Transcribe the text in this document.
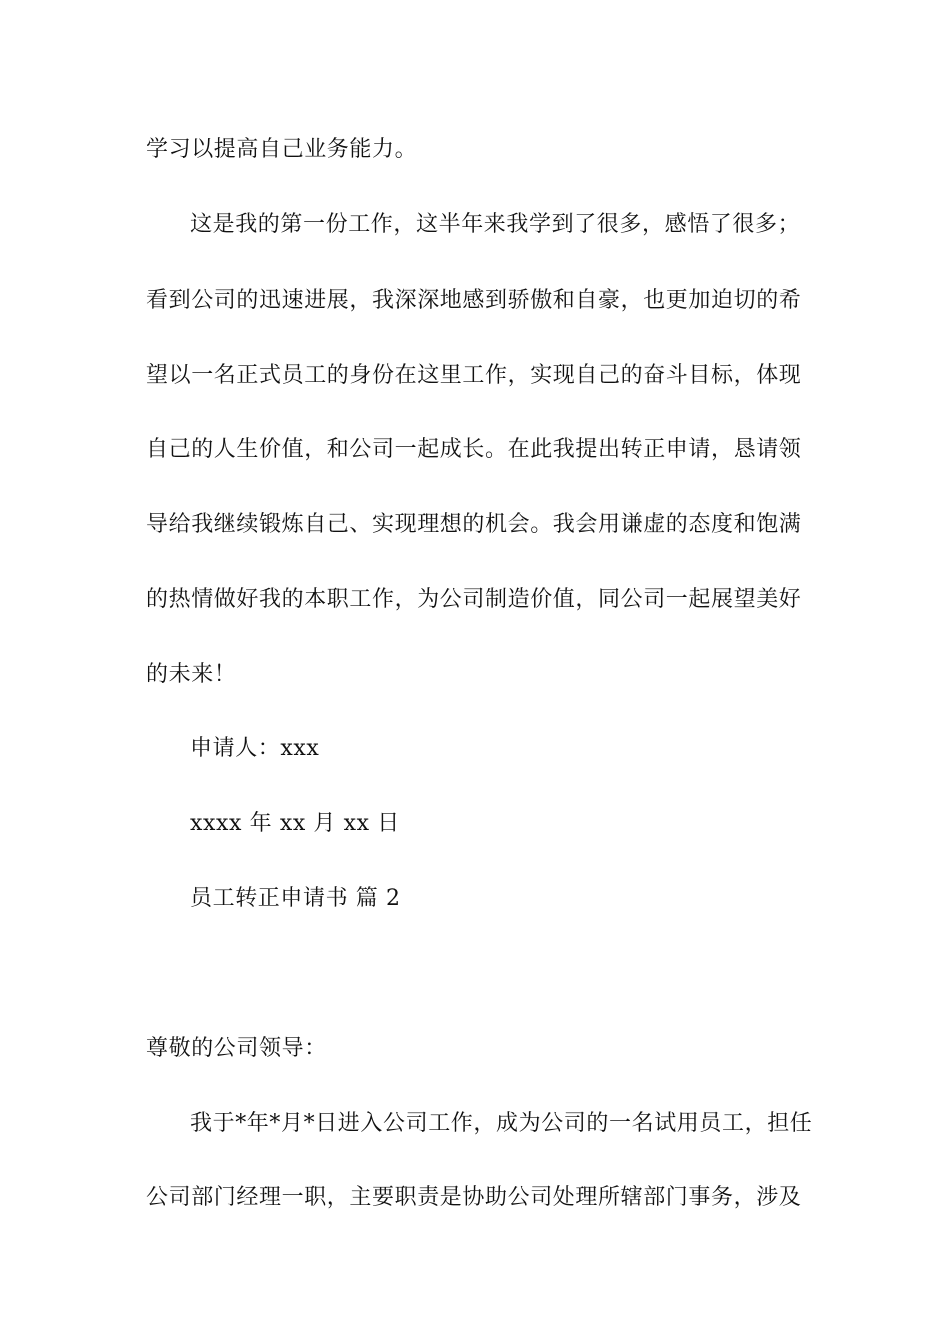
学习以提高自己业务能力。
这是我的第一份工作，这半年来我学到了很多，感悟了很多；
看到公司的迅速进展，我深深地感到骄傲和自豪，也更加迫切的希
望以一名正式员工的身份在这里工作，实现自己的奋斗目标，体现
自己的人生价值，和公司一起成长。在此我提出转正申请，恳请领
导给我继续锻炼自己、实现理想的机会。我会用谦虚的态度和饱满
的热情做好我的本职工作，为公司制造价值，同公司一起展望美好
的未来！
申请人：xxx
xxxx 年 xx 月 xx 日
员工转正申请书 篇 2
尊敬的公司领导：
我于*年*月*日进入公司工作，成为公司的一名试用员工，担任
公司部门经理一职，主要职责是协助公司处理所辖部门事务，涉及
